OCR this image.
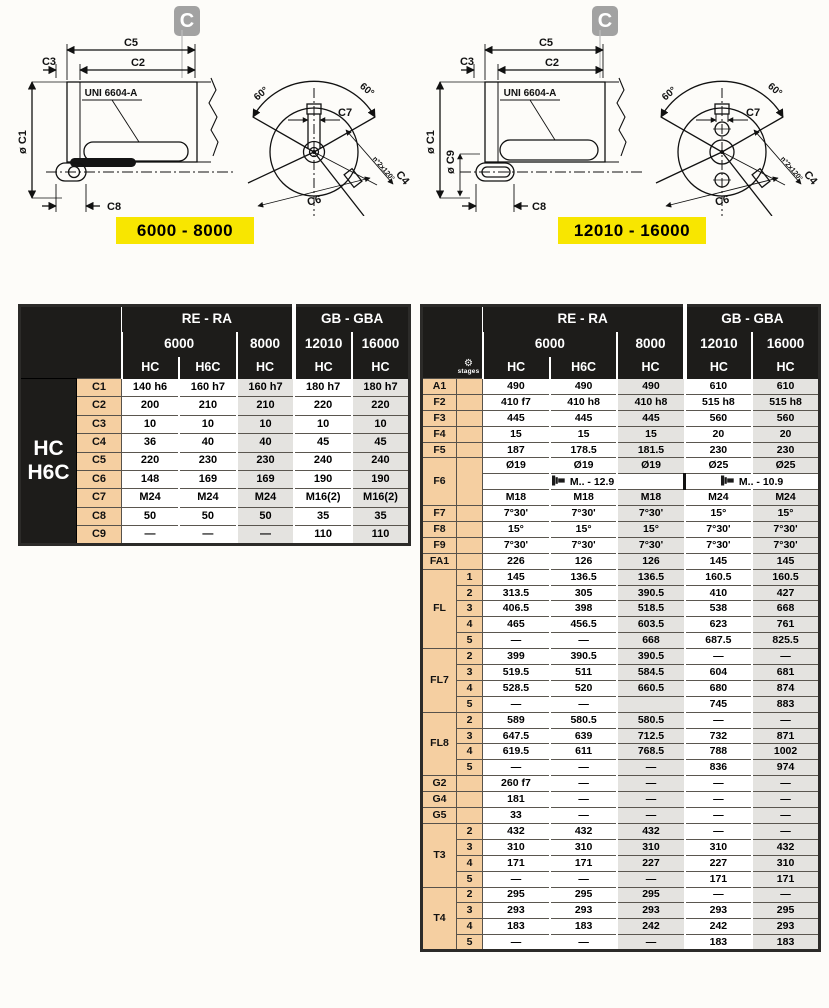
C
C5
C2
C3
UNI 6604-A
ø C1
C8
60°	60°
C7
C4
n°2x120°
C6
6000 - 8000
C
C5
C2
C3
UNI 6604-A
ø C1
ø C9
C8
60°	60°
C7
C4
n°2x120°
C6
12010 - 16000
		RE - RA			GB - GBA	
		6000		8000	12010	16000
		HC	H6C	HC	HC	HC

HC
H6C	C1	140 h6	160 h7	160 h7	180 h7	180 h7
	C2	200	210	210	220	220
	C3	10	10	10	10	10
	C4	36	40	40	45	45
	C5	220	230	230	240	240
	C6	148	169	169	190	190
	C7	M24	M24	M24	M16(2)	M16(2)
	C8	50	50	50	35	35
	C9	—	—	—	110	110
⚙
stages		RE - RA			GB - GBA	
		6000		8000	12010	16000
		HC	H6C	HC	HC	HC
A1		490	490	490	610	610
F2		410 f7	410 h8	410 h8	515 h8	515 h8
F3		445	445	445	560	560
F4		15	15	15	20	20
F5		187	178.5	181.5	230	230
F6		Ø19	Ø19	Ø19	Ø25	Ø25
		M.. - 12.9			M.. - 10.9	
		M18	M18	M18	M24	M24
F7		7°30'	7°30'	7°30'	15°	15°
F8		15°	15°	15°	7°30'	7°30'
F9		7°30'	7°30'	7°30'	7°30'	7°30'
FA1		226	126	126	145	145
FL	1	145	136.5	136.5	160.5	160.5
	2	313.5	305	390.5	410	427
	3	406.5	398	518.5	538	668
	4	465	456.5	603.5	623	761
	5	—	—	668	687.5	825.5
FL7	2	399	390.5	390.5	—	—
	3	519.5	511	584.5	604	681
	4	528.5	520	660.5	680	874
	5	—	—		745	883
FL8	2	589	580.5	580.5	—	—
	3	647.5	639	712.5	732	871
	4	619.5	611	768.5	788	1002
	5	—	—	—	836	974
G2		260 f7	—	—	—	—
G4		181	—	—	—	—
G5		33	—	—	—	—
T3	2	432	432	432	—	—
	3	310	310	310	310	432
	4	171	171	227	227	310
	5	—	—	—	171	171
T4	2	295	295	295	—	—
	3	293	293	293	293	295
	4	183	183	242	242	293
	5	—	—	—	183	183
